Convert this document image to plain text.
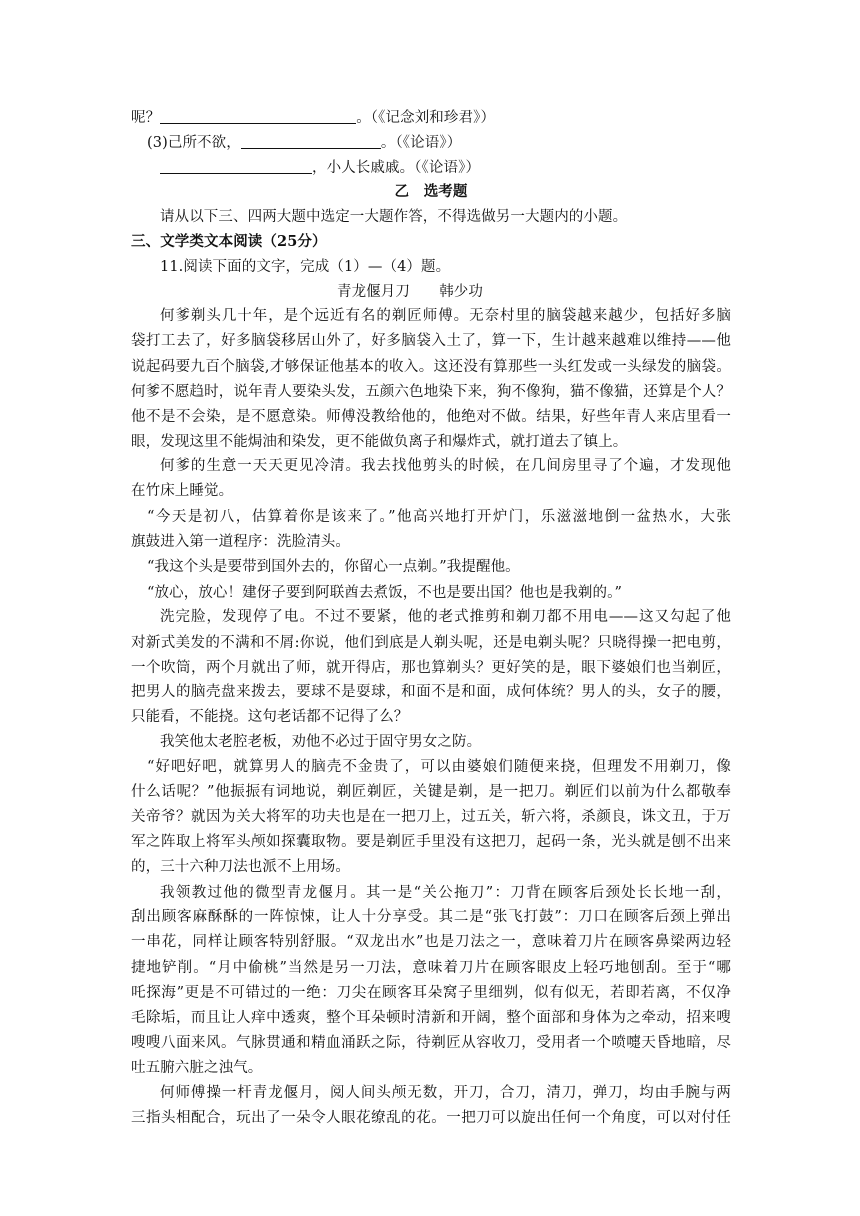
呢？	。（《记念刘和珍君》）
(3)己所不欲，	。（《论语》）
，小人长戚戚。（《论语》）
乙　选考题
请从以下三、四两大题中选定一大题作答，不得选做另一大题内的小题。
三、文学类文本阅读（25分）
11.阅读下面的文字，完成（1）—（4）题。
青龙偃月刀　　韩少功
何爹剃头几十年，是个远近有名的剃匠师傅。无奈村里的脑袋越来越少，包括好多脑
袋打工去了，好多脑袋移居山外了，好多脑袋入土了，算一下，生计越来越难以维持——他
说起码要九百个脑袋,才够保证他基本的收入。这还没有算那些一头红发或一头绿发的脑袋。
何爹不愿趋时，说年青人要染头发，五颜六色地染下来，狗不像狗，猫不像猫，还算是个人？
他不是不会染，是不愿意染。师傅没教给他的，他绝对不做。结果，好些年青人来店里看一
眼，发现这里不能焗油和染发，更不能做负离子和爆炸式，就打道去了镇上。
何爹的生意一天天更见冷清。我去找他剪头的时候，在几间房里寻了个遍，才发现他
在竹床上睡觉。
“今天是初八，估算着你是该来了。”他高兴地打开炉门，乐滋滋地倒一盆热水，大张
旗鼓进入第一道程序：洗脸清头。
“我这个头是要带到国外去的，你留心一点剃。”我提醒他。
“放心，放心！建伢子要到阿联酋去煮饭，不也是要出国？他也是我剃的。”
洗完脸，发现停了电。不过不要紧，他的老式推剪和剃刀都不用电——这又勾起了他
对新式美发的不满和不屑:你说，他们到底是人剃头呢，还是电剃头呢？只晓得操一把电剪，
一个吹筒，两个月就出了师，就开得店，那也算剃头？更好笑的是，眼下婆娘们也当剃匠，
把男人的脑壳盘来拨去，要球不是耍球，和面不是和面，成何体统？男人的头，女子的腰，
只能看，不能挠。这句老话都不记得了么？
我笑他太老腔老板，劝他不必过于固守男女之防。
“好吧好吧，就算男人的脑壳不金贵了，可以由婆娘们随便来挠，但理发不用剃刀，像
什么话呢？”他振振有词地说，剃匠剃匠，关键是剃，是一把刀。剃匠们以前为什么都敬奉
关帝爷？就因为关大将军的功夫也是在一把刀上，过五关，斩六将，杀颜良，诛文丑，于万
军之阵取上将军头颅如探囊取物。要是剃匠手里没有这把刀，起码一条，光头就是刨不出来
的，三十六种刀法也派不上用场。
我领教过他的微型青龙偃月。其一是“关公拖刀”：刀背在顾客后颈处长长地一刮，
刮出顾客麻酥酥的一阵惊悚，让人十分享受。其二是“张飞打鼓”：刀口在顾客后颈上弹出
一串花，同样让顾客特别舒服。“双龙出水”也是刀法之一，意味着刀片在顾客鼻梁两边轻
捷地铲削。“月中偷桃”当然是另一刀法，意味着刀片在顾客眼皮上轻巧地刨刮。至于“哪
吒探海”更是不可错过的一绝：刀尖在顾客耳朵窝子里细刿，似有似无，若即若离，不仅净
毛除垢，而且让人痒中透爽，整个耳朵顿时清新和开阔，整个面部和身体为之牵动，招来嗖
嗖嗖八面来风。气脉贯通和精血涌跃之际，待剃匠从容收刀，受用者一个喷嚏天昏地暗，尽
吐五腑六脏之浊气。
何师傅操一杆青龙偃月，阅人间头颅无数，开刀，合刀，清刀，弹刀，均由手腕与两
三指头相配合，玩出了一朵令人眼花缭乱的花。一把刀可以旋出任何一个角度，可以对付任
